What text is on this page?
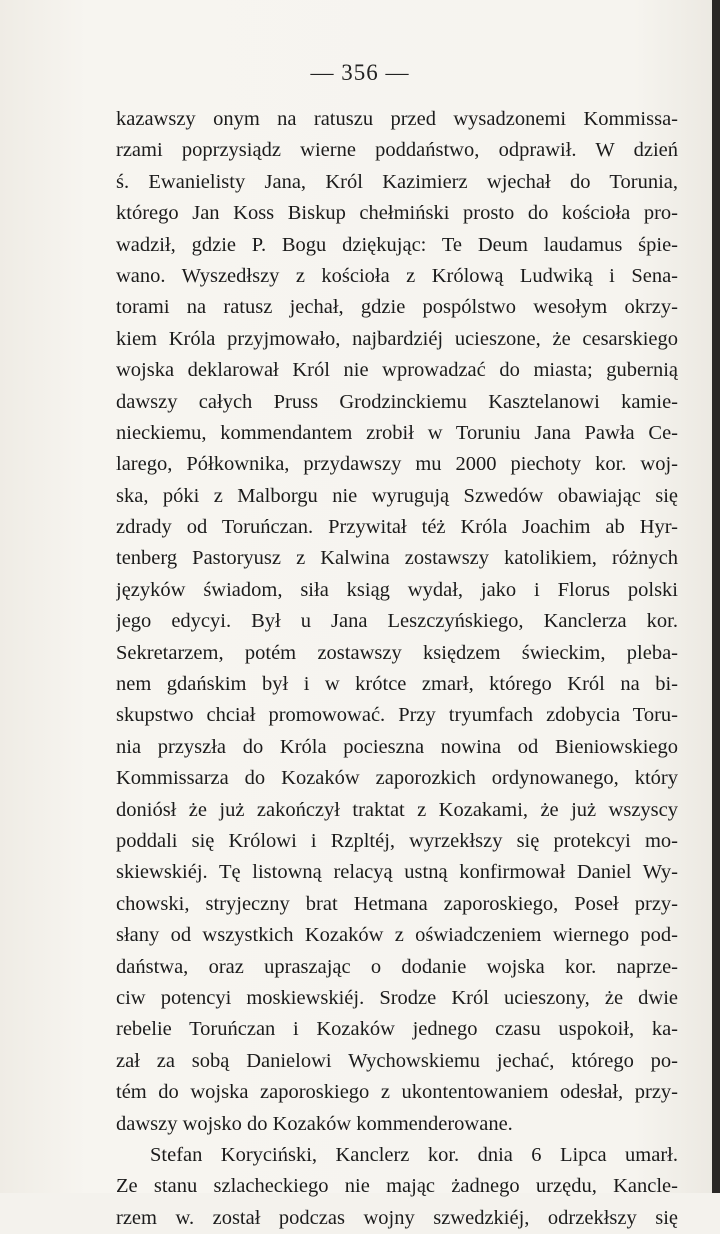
— 356 —
kazawszy onym na ratuszu przed wysadzonemi Kommissa-
rzami poprzysiądz wierne poddaństwo, odprawił. W dzień
ś. Ewanielisty Jana, Król Kazimierz wjechał do Torunia,
którego Jan Koss Biskup chełmiński prosto do kościoła pro-
wadził, gdzie P. Bogu dziękując: Te Deum laudamus śpie-
wano. Wyszedłszy z kościoła z Królową Ludwiką i Sena-
torami na ratusz jechał, gdzie pospólstwo wesołym okrzy-
kiem Króla przyjmowało, najbardziéj ucieszone, że cesarskiego
wojska deklarował Król nie wprowadzać do miasta; gubernią
dawszy całych Pruss Grodzinckiemu Kasztelanowi kamie-
nieckiemu, kommendantem zrobił w Toruniu Jana Pawła Ce-
larego, Półkownika, przydawszy mu 2000 piechoty kor. woj-
ska, póki z Malborgu nie wyrugują Szwedów obawiając się
zdrady od Toruńczan. Przywitał téż Króla Joachim ab Hyr-
tenberg Pastoryusz z Kalwina zostawszy katolikiem, różnych
języków świadom, siła ksiąg wydał, jako i Florus polski
jego edycyi. Był u Jana Leszczyńskiego, Kanclerza kor.
Sekretarzem, potém zostawszy księdzem świeckim, pleba-
nem gdańskim był i w krótce zmarł, którego Król na bi-
skupstwo chciał promowować. Przy tryumfach zdobycia Toru-
nia przyszła do Króla pocieszna nowina od Bieniowskiego
Kommissarza do Kozaków zaporozkich ordynowanego, który
doniósł że już zakończył traktat z Kozakami, że już wszyscy
poddali się Królowi i Rzpltéj, wyrzekłszy się protekcyi mo-
skiewskiéj. Tę listowną relacyą ustną konfirmował Daniel Wy-
chowski, stryjeczny brat Hetmana zaporoskiego, Poseł przy-
słany od wszystkich Kozaków z oświadczeniem wiernego pod-
daństwa, oraz upraszając o dodanie wojska kor. naprze-
ciw potencyi moskiewskiéj. Srodze Król ucieszony, że dwie
rebelie Toruńczan i Kozaków jednego czasu uspokoił, ka-
zał za sobą Danielowi Wychowskiemu jechać, którego po-
tém do wojska zaporoskiego z ukontentowaniem odesłał, przy-
dawszy wojsko do Kozaków kommenderowane.
Stefan Koryciński, Kanclerz kor. dnia 6 Lipca umarł.
Ze stanu szlacheckiego nie mając żadnego urzędu, Kancle-
rzem w. został podczas wojny szwedzkiéj, odrzekłszy się
